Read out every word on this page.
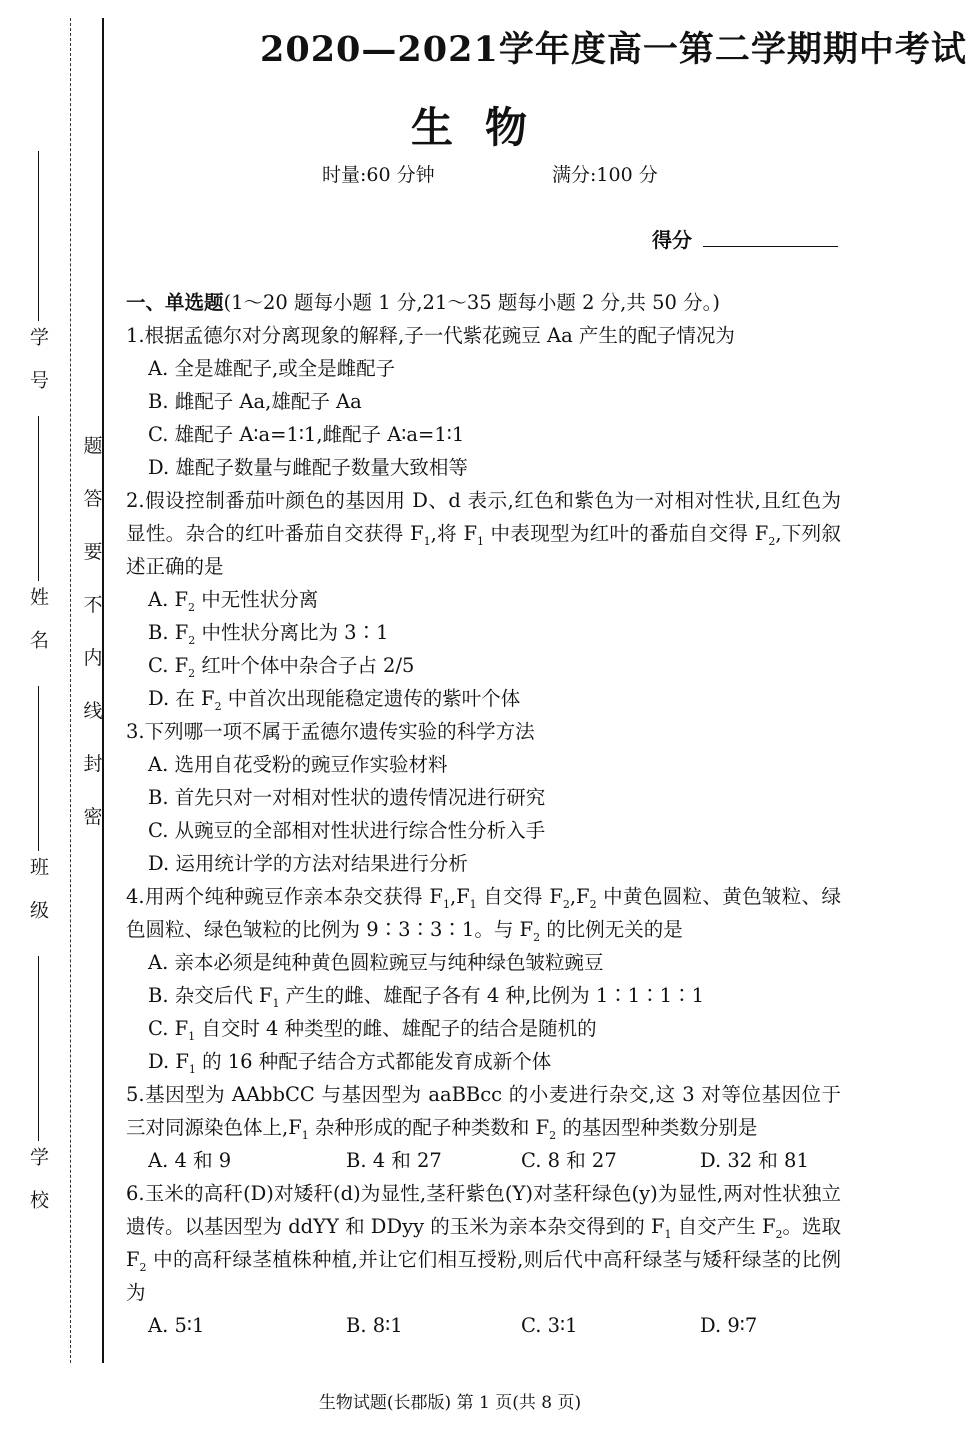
学号
姓名
班级
学校
题
答
要
不
内
线
封
密
2020—2021学年度高一第二学期期中考试
生物
时量:60 分钟	满分:100 分
得分
一、单选题(1～20 题每小题 1 分,21～35 题每小题 2 分,共 50 分。)
1.根据孟德尔对分离现象的解释,子一代紫花豌豆 Aa 产生的配子情况为
A. 全是雄配子,或全是雌配子
B. 雌配子 Aa,雄配子 Aa
C. 雄配子 A∶a=1∶1,雌配子 A∶a=1∶1
D. 雄配子数量与雌配子数量大致相等
2.假设控制番茄叶颜色的基因用 D、d 表示,红色和紫色为一对相对性状,且红色为显性。杂合的红叶番茄自交获得 $F_1$,将 $F_1$ 中表现型为红叶的番茄自交得 $F_2$,下列叙述正确的是
A. $F_2$ 中无性状分离
B. $F_2$ 中性状分离比为 3∶1
C. $F_2$ 红叶个体中杂合子占 2/5
D. 在 $F_2$ 中首次出现能稳定遗传的紫叶个体
3.下列哪一项不属于孟德尔遗传实验的科学方法
A. 选用自花受粉的豌豆作实验材料
B. 首先只对一对相对性状的遗传情况进行研究
C. 从豌豆的全部相对性状进行综合性分析入手
D. 运用统计学的方法对结果进行分析
4.用两个纯种豌豆作亲本杂交获得 $F_1,F_1$ 自交得 $F_2,F_2$ 中黄色圆粒、黄色皱粒、绿色圆粒、绿色皱粒的比例为 9∶3∶3∶1。与 $F_2$ 的比例无关的是
A. 亲本必须是纯种黄色圆粒豌豆与纯种绿色皱粒豌豆
B. 杂交后代 $F_1$ 产生的雌、雄配子各有 4 种,比例为 1∶1∶1∶1
C. $F_1$ 自交时 4 种类型的雌、雄配子的结合是随机的
D. $F_1$ 的 16 种配子结合方式都能发育成新个体
5.基因型为 AAbbCC 与基因型为 aaBBcc 的小麦进行杂交,这 3 对等位基因位于三对同源染色体上$,F_1$ 杂种形成的配子种类数和 $F_2$ 的基因型种类数分别是
A. 4 和 9	B. 4 和 27	C. 8 和 27	D. 32 和 81
6.玉米的高秆(D)对矮秆(d)为显性,茎秆紫色(Y)对茎秆绿色(y)为显性,两对性状独立遗传。以基因型为 ddYY 和 DDyy 的玉米为亲本杂交得到的 $F_1$ 自交产生 $F_2$。选取 $F_2$ 中的高秆绿茎植株种植,并让它们相互授粉,则后代中高秆绿茎与矮秆绿茎的比例为
A. 5∶1	B. 8∶1	C. 3∶1	D. 9∶7
生物试题(长郡版) 第 1 页(共 8 页)
